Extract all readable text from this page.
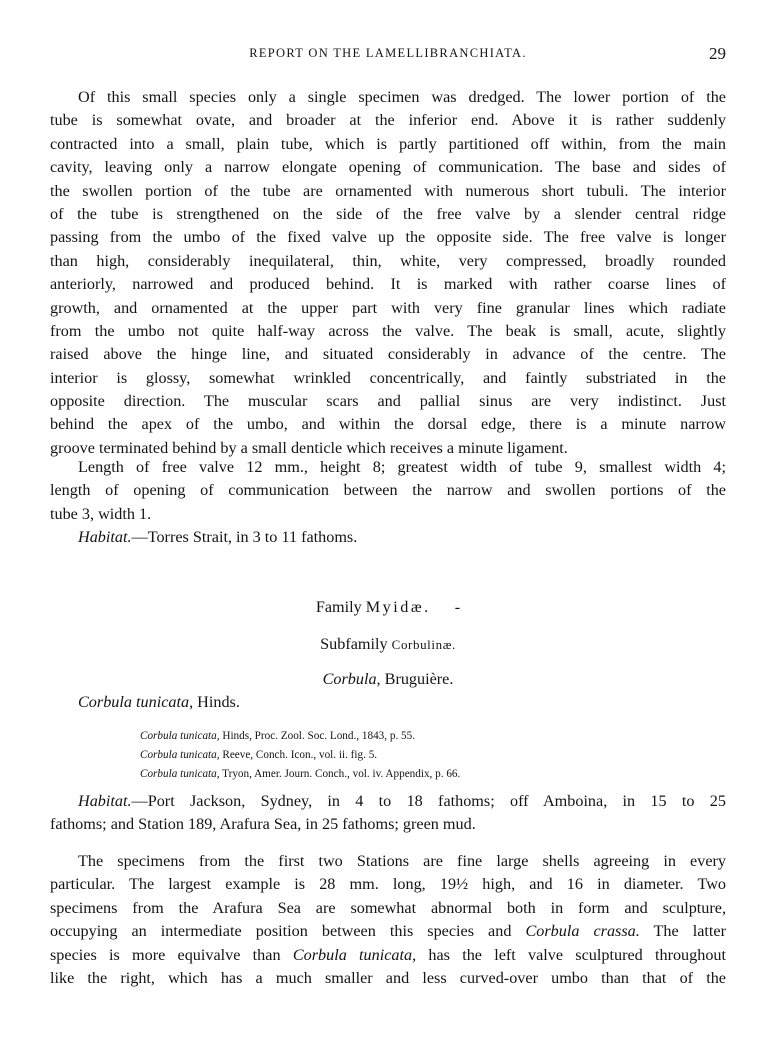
REPORT ON THE LAMELLIBRANCHIATA.	29
Of this small species only a single specimen was dredged. The lower portion of the
tube is somewhat ovate, and broader at the inferior end. Above it is rather suddenly
contracted into a small, plain tube, which is partly partitioned off within, from the main
cavity, leaving only a narrow elongate opening of communication. The base and sides of
the swollen portion of the tube are ornamented with numerous short tubuli. The interior
of the tube is strengthened on the side of the free valve by a slender central ridge
passing from the umbo of the fixed valve up the opposite side. The free valve is longer
than high, considerably inequilateral, thin, white, very compressed, broadly rounded
anteriorly, narrowed and produced behind. It is marked with rather coarse lines of
growth, and ornamented at the upper part with very fine granular lines which radiate
from the umbo not quite half-way across the valve. The beak is small, acute, slightly
raised above the hinge line, and situated considerably in advance of the centre. The
interior is glossy, somewhat wrinkled concentrically, and faintly substriated in the
opposite direction. The muscular scars and pallial sinus are very indistinct. Just
behind the apex of the umbo, and within the dorsal edge, there is a minute narrow
groove terminated behind by a small denticle which receives a minute ligament.
Length of free valve 12 mm., height 8; greatest width of tube 9, smallest width 4;
length of opening of communication between the narrow and swollen portions of the
tube 3, width 1.
Habitat.—Torres Strait, in 3 to 11 fathoms.
Family Myidæ. -
Subfamily Corbulinæ.
Corbula, Bruguière.
Corbula tunicata, Hinds.
Corbula tunicata, Hinds, Proc. Zool. Soc. Lond., 1843, p. 55.
Corbula tunicata, Reeve, Conch. Icon., vol. ii. fig. 5.
Corbula tunicata, Tryon, Amer. Journ. Conch., vol. iv. Appendix, p. 66.
Habitat.—Port Jackson, Sydney, in 4 to 18 fathoms; off Amboina, in 15 to 25
fathoms; and Station 189, Arafura Sea, in 25 fathoms; green mud.
The specimens from the first two Stations are fine large shells agreeing in every
particular. The largest example is 28 mm. long, 19½ high, and 16 in diameter. Two
specimens from the Arafura Sea are somewhat abnormal both in form and sculpture,
occupying an intermediate position between this species and Corbula crassa. The latter
species is more equivalve than Corbula tunicata, has the left valve sculptured throughout
like the right, which has a much smaller and less curved-over umbo than that of the
